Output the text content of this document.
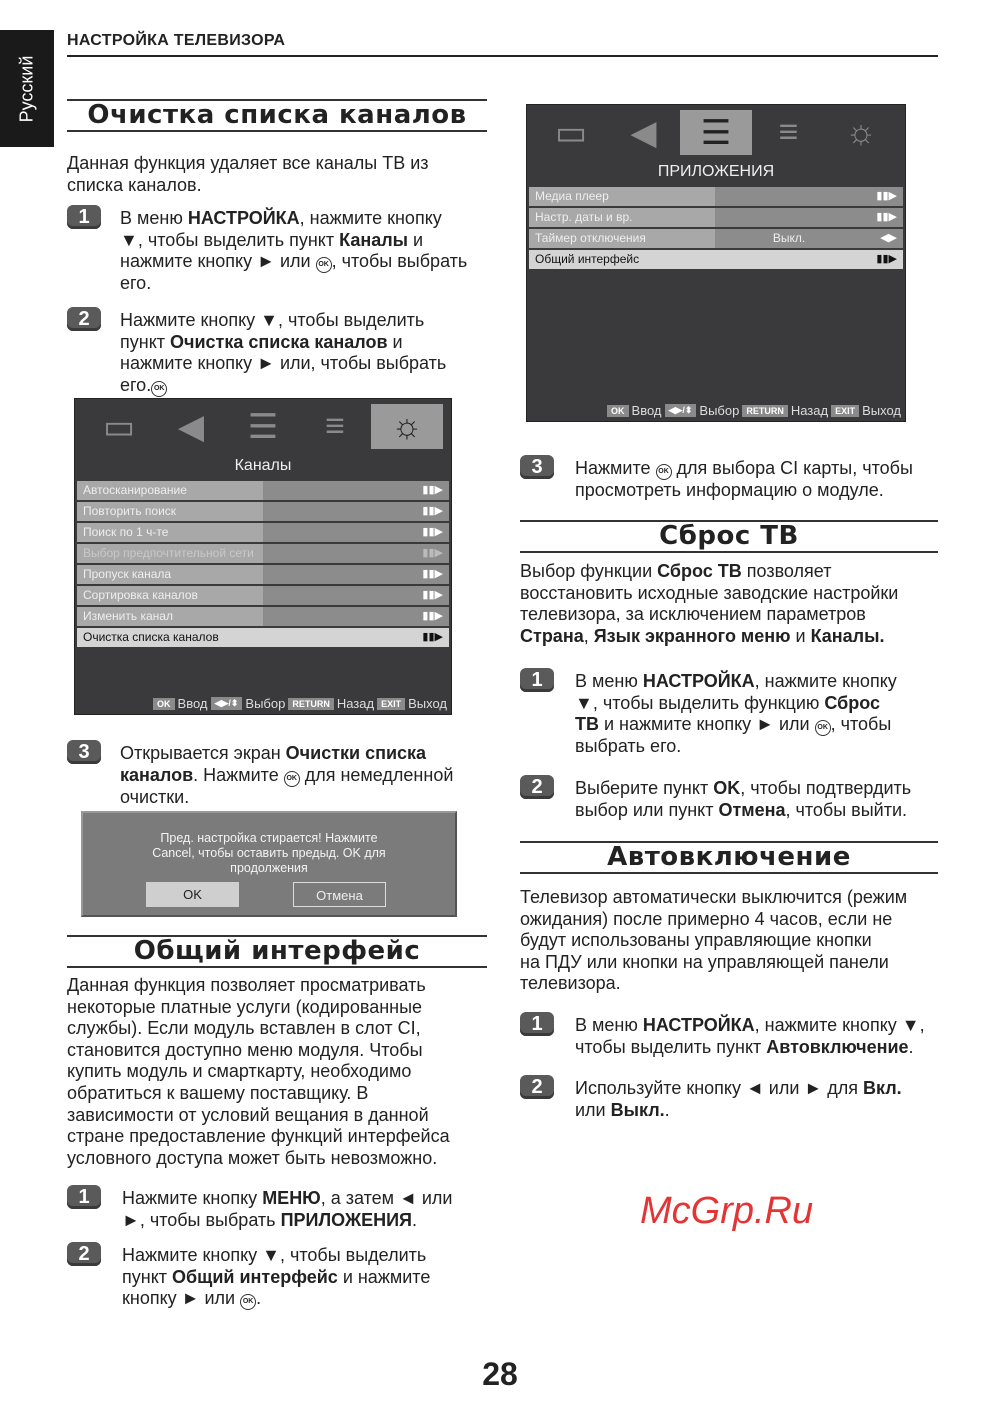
Русский
НАСТРОЙКА ТЕЛЕВИЗОРА
Очистка списка каналов
Данная функция удаляет все каналы ТВ из
списка каналов.
1	В меню НАСТРОЙКА, нажмите кнопку
▼, чтобы выделить пункт Каналы и
нажмите кнопку ► или OK , чтобы выбрать
его.
2	Нажмите кнопку ▼, чтобы выделить
пункт Очистка списка каналов и
нажмите кнопку ► или, чтобы выбрать
его. OK
▭	◀	☰	≡	☼
Каналы
Автосканирование	▮▮▶
Повторить поиск	▮▮▶
Поиск по 1 ч-те	▮▮▶
Выбор предпочтительной сети	▮▮▶
Пропуск канала	▮▮▶
Сортировка каналов	▮▮▶
Изменить канал	▮▮▶
Очистка списка каналов	▮▮▶
OK Ввод ◀▶/⬍ Выбор RETURN Назад EXIT Выход
3	Открывается экран Очистки списка
каналов. Нажмите OK для немедленной
очистки.
Пред. настройка стирается! Нажмите Cancel, чтобы оставить предыд. OK для продолжения
OK	Отмена
Общий интерфейс
Данная функция позволяет просматривать
некоторые платные услуги (кодированные
службы). Если модуль вставлен в слот CI,
становится доступно меню модуля. Чтобы
купить модуль и смарткарту, необходимо
обратиться к вашему поставщику. В
зависимости от условий вещания в данной
стране предоставление функций интерфейса
условного доступа может быть невозможно.
1	Нажмите кнопку МЕНЮ, а затем ◄ или
►, чтобы выбрать ПРИЛОЖЕНИЯ.
2	Нажмите кнопку ▼, чтобы выделить
пункт Общий интерфейс и нажмите
кнопку ► или OK .
▭	◀	☰	≡	☼
ПРИЛОЖЕНИЯ
Медиа плеер	▮▮▶
Настр. даты и вр.	▮▮▶
Таймер отключения	Выкл.	◀▶
Общий интерфейс	▮▮▶
OK Ввод ◀▶/⬍ Выбор RETURN Назад EXIT Выход
3	Нажмите OK для выбора CI карты, чтобы
просмотреть информацию о модуле.
Сброс ТВ
Выбор функции Сброс ТВ позволяет
восстановить исходные заводские настройки
телевизора, за исключением параметров
Страна, Язык экранного меню и Каналы.
1	В меню НАСТРОЙКА, нажмите кнопку
▼, чтобы выделить функцию Сброс
ТВ и нажмите кнопку ► или OK , чтобы
выбрать его.
2	Выберите пункт OK, чтобы подтвердить
выбор или пункт Отмена, чтобы выйти.
Автовключение
Телевизор автоматически выключится (режим
ожидания) после примерно 4 часов, если не
будут использованы управляющие кнопки
на ПДУ или кнопки на управляющей панели
телевизора.
1	В меню НАСТРОЙКА, нажмите кнопку ▼,
чтобы выделить пункт Автовключение.
2	Используйте кнопку ◄ или ► для Вкл.
или Выкл..
28
McGrp.Ru
